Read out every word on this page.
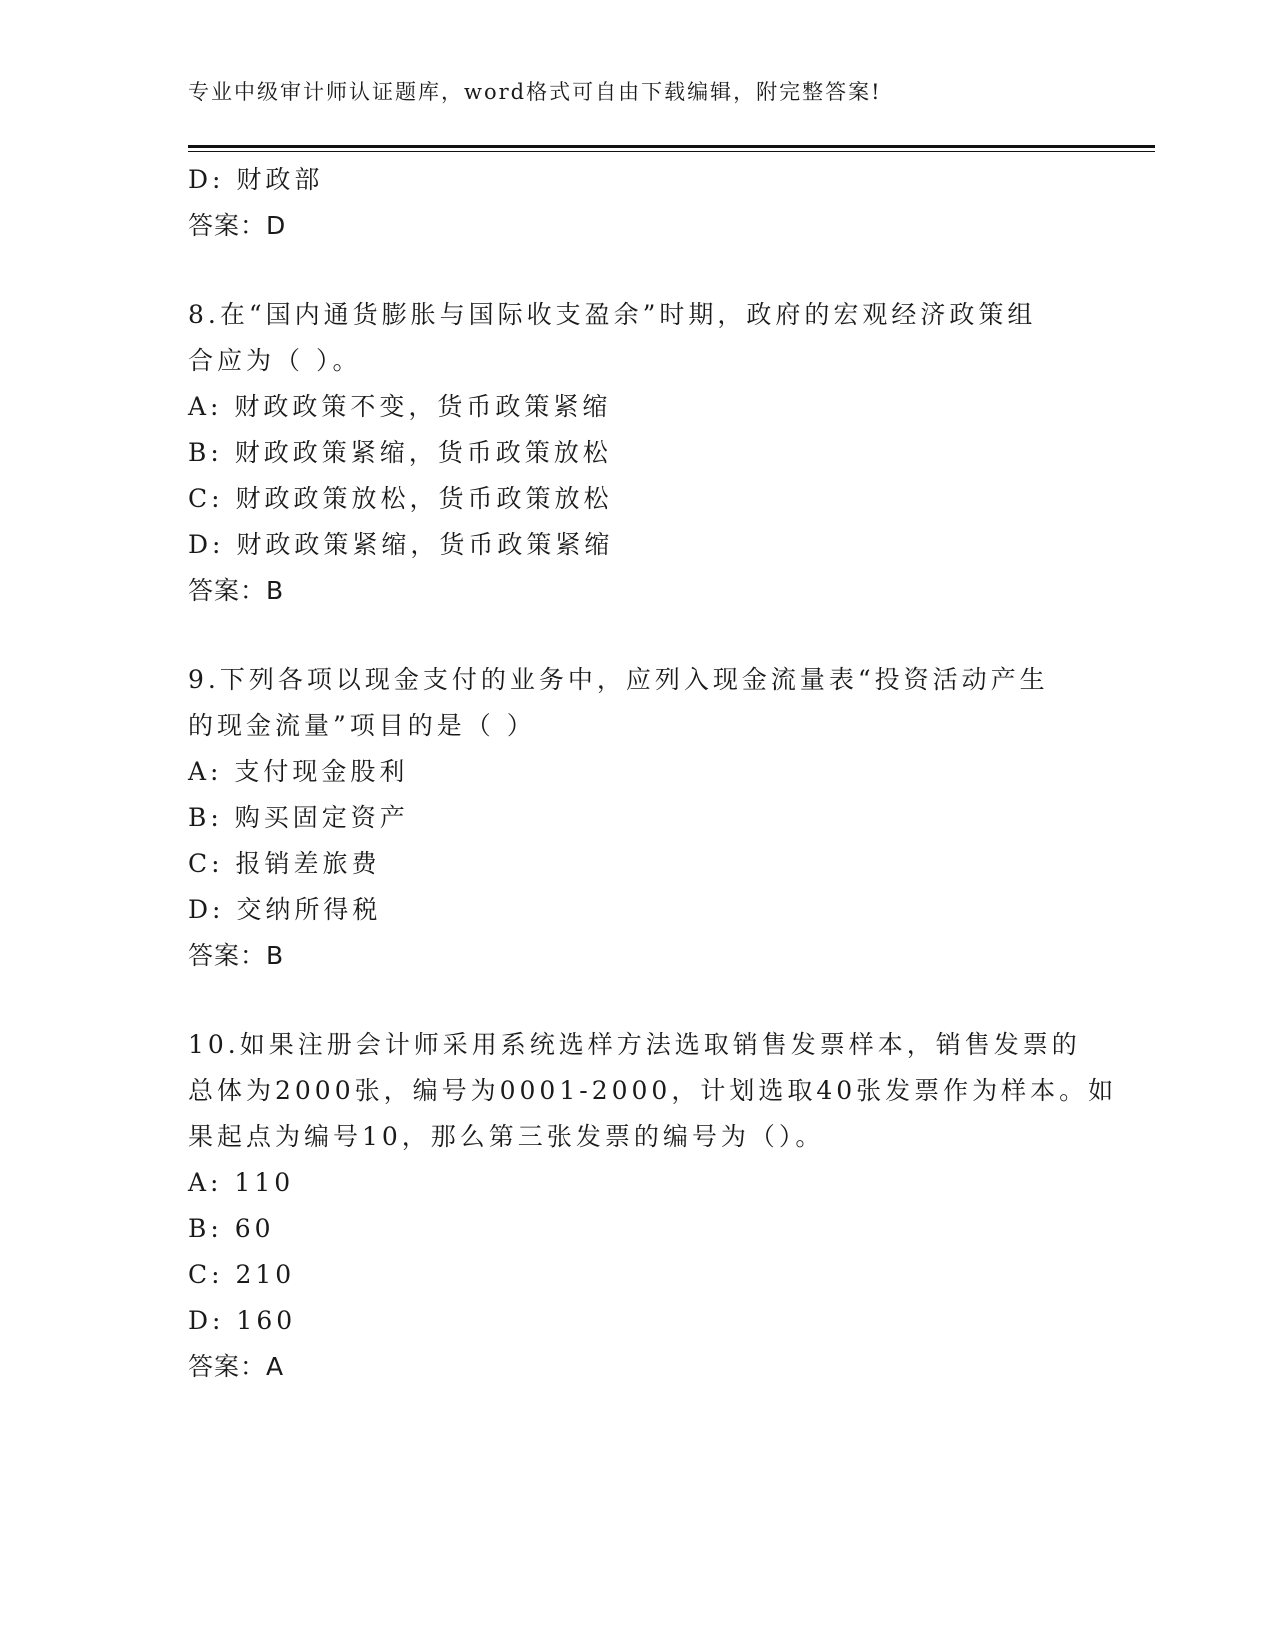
专业中级审计师认证题库，word格式可自由下载编辑，附完整答案!
D: 财政部
答案：D
8.在“国内通货膨胀与国际收支盈余”时期，政府的宏观经济政策组
合应为（ ）。
A: 财政政策不变，货币政策紧缩
B: 财政政策紧缩，货币政策放松
C: 财政政策放松，货币政策放松
D: 财政政策紧缩，货币政策紧缩
答案：B
9.下列各项以现金支付的业务中，应列入现金流量表“投资活动产生
的现金流量”项目的是（ ）
A: 支付现金股利
B: 购买固定资产
C: 报销差旅费
D: 交纳所得税
答案：B
10.如果注册会计师采用系统选样方法选取销售发票样本，销售发票的
总体为2000张，编号为0001-2000，计划选取40张发票作为样本。如
果起点为编号10，那么第三张发票的编号为（）。
A: 110
B: 60
C: 210
D: 160
答案：A
